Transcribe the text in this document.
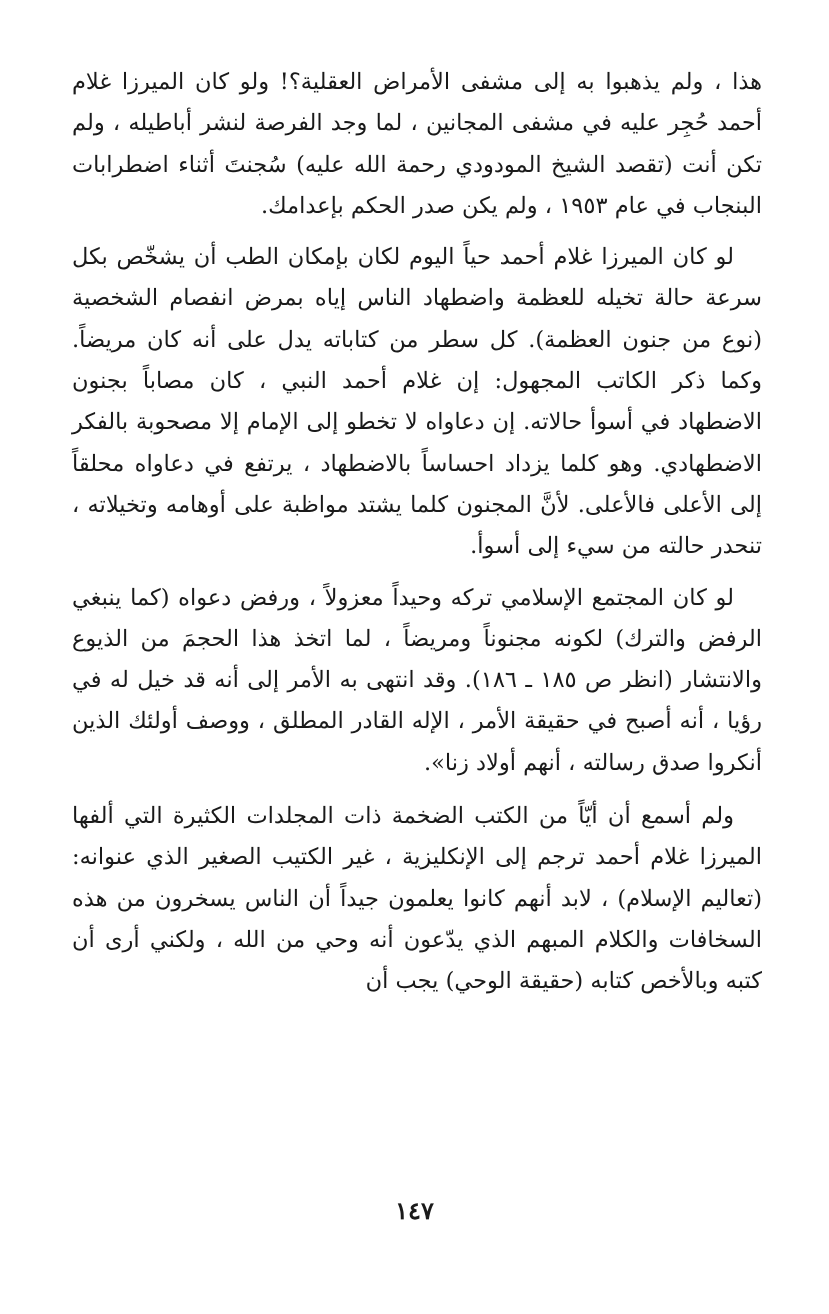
هذا ، ولم يذهبوا به إلى مشفى الأمراض العقلية؟! ولو كان الميرزا غلام أحمد حُجِر عليه في مشفى المجانين ، لما وجد الفرصة لنشر أباطيله ، ولم تكن أنت (تقصد الشيخ المودودي رحمة الله عليه) سُجنتَ أثناء اضطرابات البنجاب في عام ١٩٥٣ ، ولم يكن صدر الحكم بإعدامك.

لو كان الميرزا غلام أحمد حياً اليوم لكان بإمكان الطب أن يشخّص بكل سرعة حالة تخيله للعظمة واضطهاد الناس إياه بمرض انفصام الشخصية (نوع من جنون العظمة). كل سطر من كتاباته يدل على أنه كان مريضاً. وكما ذكر الكاتب المجهول: إن غلام أحمد النبي ، كان مصاباً بجنون الاضطهاد في أسوأ حالاته. إن دعاواه لا تخطو إلى الإمام إلا مصحوبة بالفكر الاضطهادي. وهو كلما يزداد احساساً بالاضطهاد ، يرتفع في دعاواه محلقاً إلى الأعلى فالأعلى. لأنَّ المجنون كلما يشتد مواظبة على أوهامه وتخيلاته ، تنحدر حالته من سيء إلى أسوأ.

لو كان المجتمع الإسلامي تركه وحيداً معزولاً ، ورفض دعواه (كما ينبغي الرفض والترك) لكونه مجنوناً ومريضاً ، لما اتخذ هذا الحجمَ من الذيوع والانتشار (انظر ص ١٨٥ ـ ١٨٦). وقد انتهى به الأمر إلى أنه قد خيل له في رؤيا ، أنه أصبح في حقيقة الأمر ، الإله القادر المطلق ، ووصف أولئك الذين أنكروا صدق رسالته ، أنهم أولاد زنا».

ولم أسمع أن أيّاً من الكتب الضخمة ذات المجلدات الكثيرة التي ألفها الميرزا غلام أحمد ترجم إلى الإنكليزية ، غير الكتيب الصغير الذي عنوانه: (تعاليم الإسلام) ، لابد أنهم كانوا يعلمون جيداً أن الناس يسخرون من هذه السخافات والكلام المبهم الذي يدّعون أنه وحي من الله ، ولكني أرى أن كتبه وبالأخص كتابه (حقيقة الوحي) يجب أن

١٤٧
